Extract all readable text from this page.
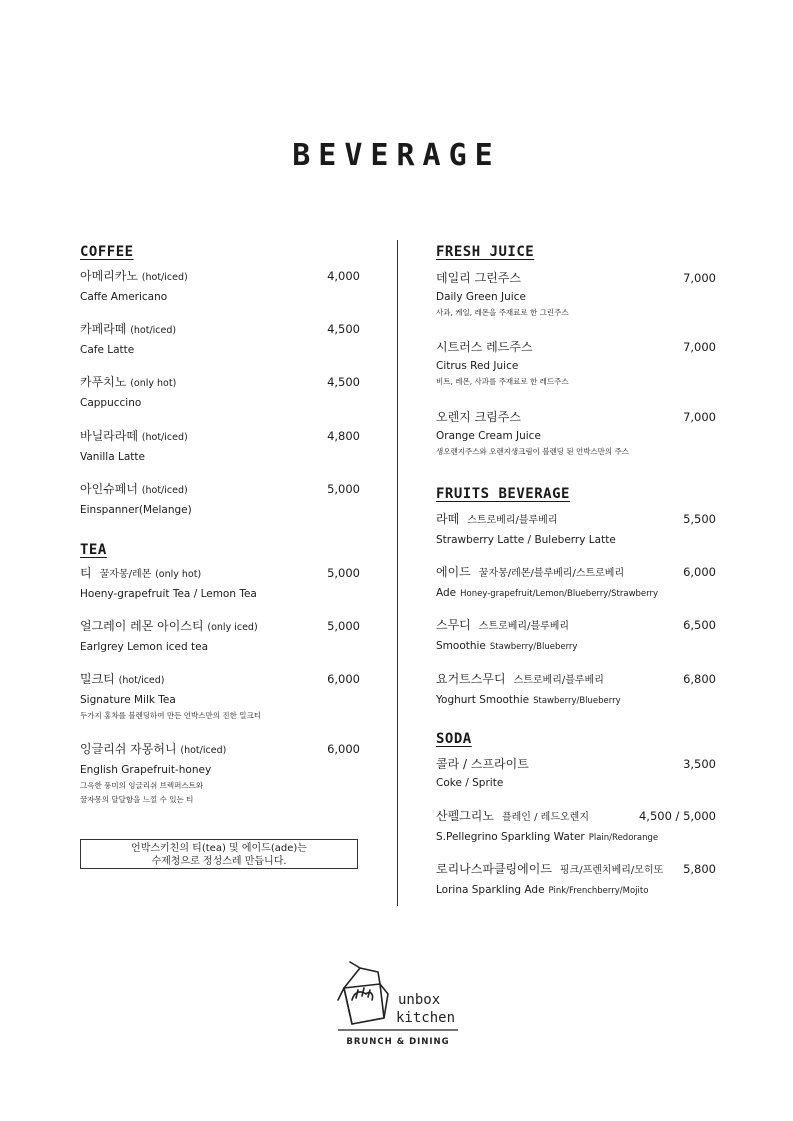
BEVERAGE
COFFEE
아메리카노 (hot/iced)
Caffe Americano
4,000
카페라떼 (hot/iced)
Cafe Latte
4,500
카푸치노 (only hot)
Cappuccino
4,500
바닐라라떼 (hot/iced)
Vanilla Latte
4,800
아인슈페너 (hot/iced)
Einspanner(Melange)
5,000
TEA
티 꿀자몽/레몬 (only hot)
Hoeny-grapefruit Tea / Lemon Tea
5,000
얼그레이 레몬 아이스티 (only iced)
Earlgrey Lemon iced tea
5,000
밀크티 (hot/iced)
Signature Milk Tea
두가지 홍차를 블렌딩하여 만든 언박스만의 진한 밀크티
6,000
잉글리쉬 자몽허니 (hot/iced)
English Grapefruit-honey
그윽한 풍미의 잉글리쉬 브렉퍼스트와
꿀자몽의 달달함을 느낄 수 있는 티
6,000
언박스키친의 티(tea) 및 에이드(ade)는
수제청으로 정성스레 만듭니다.
FRESH JUICE
데일리 그린주스
Daily Green Juice
사과, 케일, 레몬을 주재료로 한 그린주스
7,000
시트러스 레드주스
Citrus Red Juice
비트, 레몬, 사과를 주재료로 한 레드주스
7,000
오렌지 크림주스
Orange Cream Juice
생오렌지주스와 오렌지생크림이 블렌딩 된 언박스만의 주스
7,000
FRUITS BEVERAGE
라떼 스트로베리/블루베리
Strawberry Latte / Buleberry Latte
5,500
에이드 꿀자몽/레몬/블루베리/스트로베리
Ade Honey-grapefruit/Lemon/Blueberry/Strawberry
6,000
스무디 스트로베리/블루베리
Smoothie Stawberry/Blueberry
6,500
요거트스무디 스트로베리/블루베리
Yoghurt Smoothie Stawberry/Blueberry
6,800
SODA
콜라 / 스프라이트
Coke / Sprite
3,500
산펠그리노 플레인 / 레드오렌지
S.Pellegrino Sparkling Water Plain/Redorange
4,500 / 5,000
로리나스파클링에이드 핑크/프렌치베리/모히또
Lorina Sparkling Ade Pink/Frenchberry/Mojito
5,800
unbox
kitchen
BRUNCH & DINING
